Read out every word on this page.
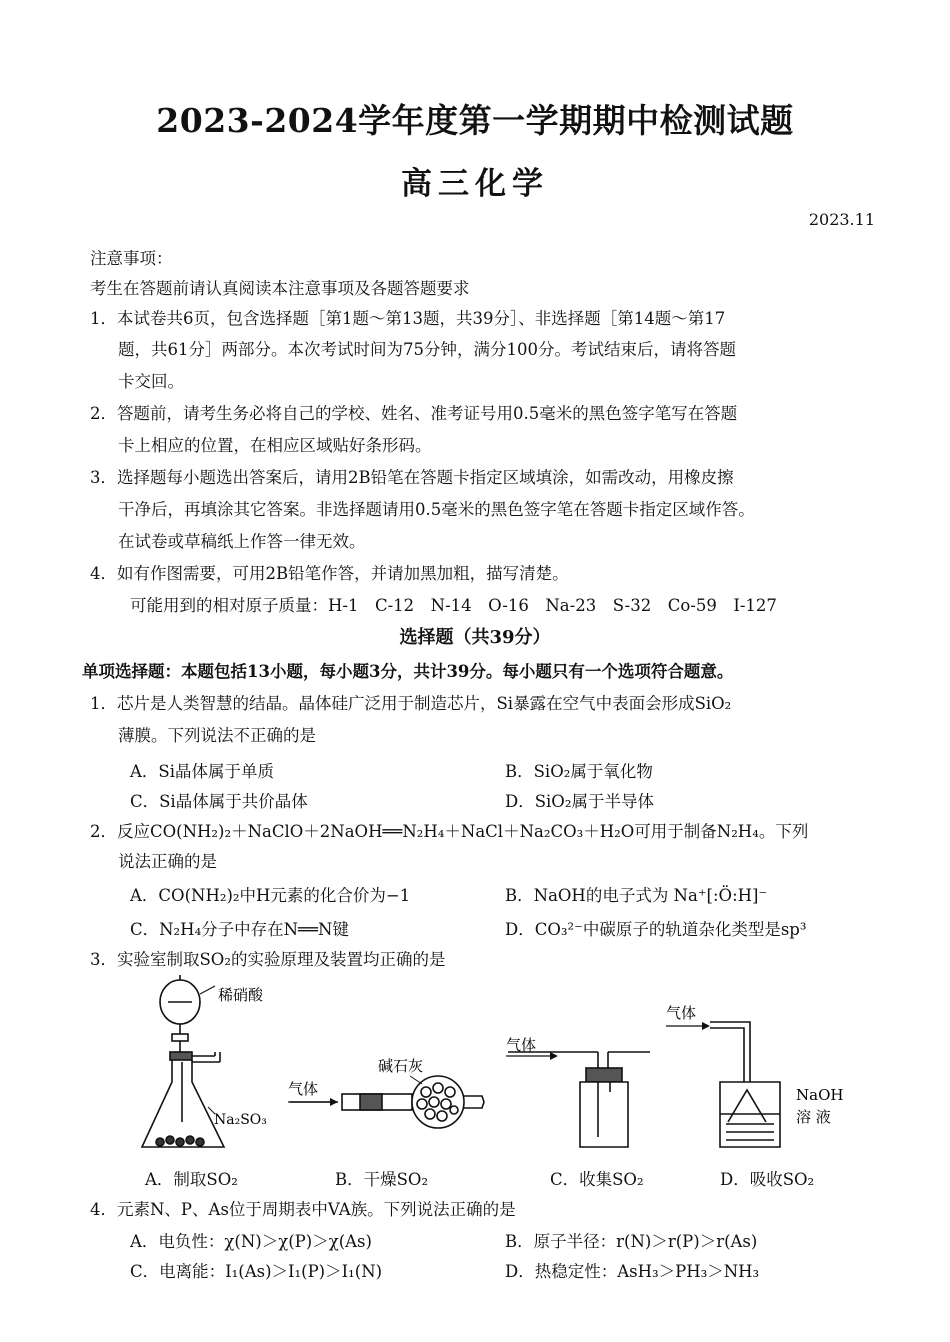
2023-2024学年度第一学期期中检测试题
高三化学
2023.11
注意事项：
考生在答题前请认真阅读本注意事项及各题答题要求
1．本试卷共6页，包含选择题［第1题～第13题，共39分］、非选择题［第14题～第17
题，共61分］两部分。本次考试时间为75分钟，满分100分。考试结束后，请将答题
卡交回。
2．答题前，请考生务必将自己的学校、姓名、准考证号用0.5毫米的黑色签字笔写在答题
卡上相应的位置，在相应区域贴好条形码。
3．选择题每小题选出答案后，请用2B铅笔在答题卡指定区域填涂，如需改动，用橡皮擦
干净后，再填涂其它答案。非选择题请用0.5毫米的黑色签字笔在答题卡指定区域作答。
在试卷或草稿纸上作答一律无效。
4．如有作图需要，可用2B铅笔作答，并请加黑加粗，描写清楚。
可能用到的相对原子质量：H-1　C-12　N-14　O-16　Na-23　S-32　Co-59　I-127
选择题（共39分）
单项选择题：本题包括13小题，每小题3分，共计39分。每小题只有一个选项符合题意。
1．芯片是人类智慧的结晶。晶体硅广泛用于制造芯片，Si暴露在空气中表面会形成SiO₂
薄膜。下列说法不正确的是
A．Si晶体属于单质	B．SiO₂属于氧化物
C．Si晶体属于共价晶体	D．SiO₂属于半导体
2．反应CO(NH₂)₂＋NaClO＋2NaOH══N₂H₄＋NaCl＋Na₂CO₃＋H₂O可用于制备N₂H₄。下列
说法正确的是
A．CO(NH₂)₂中H元素的化合价为−1	B．NaOH的电子式为 Na⁺[:Ö:H]⁻
C．N₂H₄分子中存在N══N键	D．CO₃²⁻中碳原子的轨道杂化类型是sp³
3．实验室制取SO₂的实验原理及装置均正确的是
稀硝酸
Na₂SO₃
气体
碱石灰
气体
气体
NaOH
溶 液
A．制取SO₂	B．干燥SO₂	C．收集SO₂	D．吸收SO₂
4．元素N、P、As位于周期表中VA族。下列说法正确的是
A．电负性：χ(N)＞χ(P)＞χ(As)	B．原子半径：r(N)＞r(P)＞r(As)
C．电离能：I₁(As)＞I₁(P)＞I₁(N)	D．热稳定性：AsH₃＞PH₃＞NH₃
